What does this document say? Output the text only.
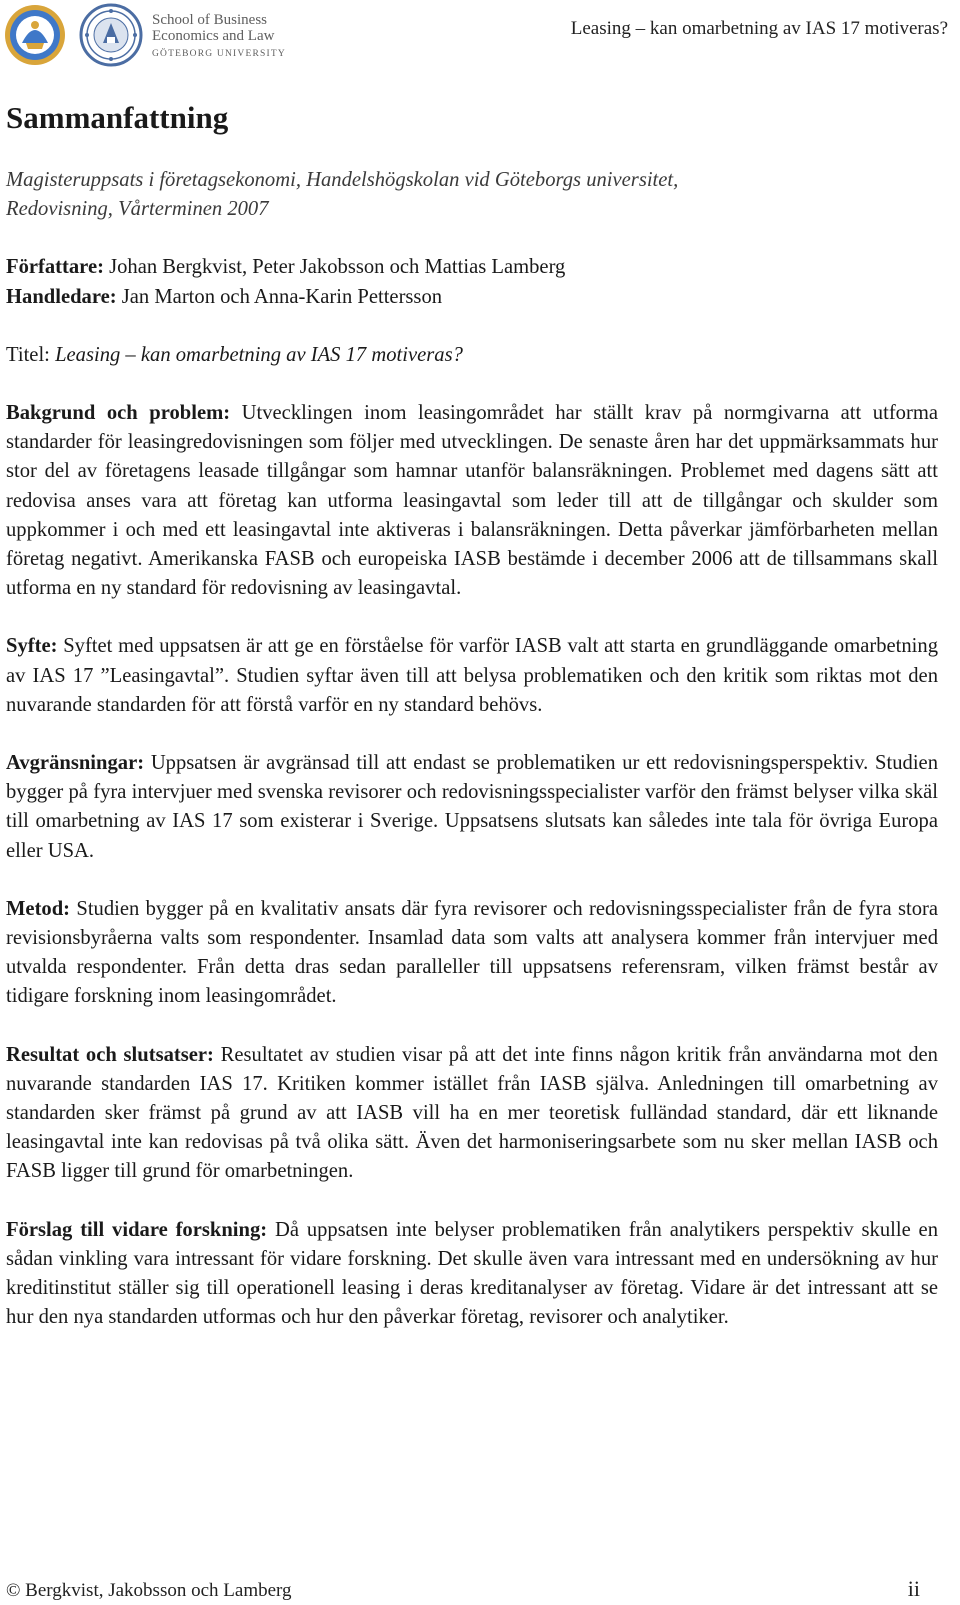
School of Business
Economics and Law
GÖTEBORG UNIVERSITY
Leasing – kan omarbetning av IAS 17 motiveras?
Sammanfattning

Magisteruppsats i företagsekonomi, Handelshögskolan vid Göteborgs universitet,

Redovisning, Vårterminen 2007

Författare: Johan Bergkvist, Peter Jakobsson och Mattias Lamberg

Handledare: Jan Marton och Anna-Karin Pettersson

Titel: Leasing – kan omarbetning av IAS 17 motiveras?

Bakgrund och problem: Utvecklingen inom leasingområdet har ställt krav på normgivarna att utforma standarder för leasingredovisningen som följer med utvecklingen. De senaste åren har det uppmärksammats hur stor del av företagens leasade tillgångar som hamnar utanför balansräkningen. Problemet med dagens sätt att redovisa anses vara att företag kan utforma leasingavtal som leder till att de tillgångar och skulder som uppkommer i och med ett leasingavtal inte aktiveras i balansräkningen. Detta påverkar jämförbarheten mellan företag negativt. Amerikanska FASB och europeiska IASB bestämde i december 2006 att de tillsammans skall utforma en ny standard för redovisning av leasingavtal.

Syfte: Syftet med uppsatsen är att ge en förståelse för varför IASB valt att starta en grundläggande omarbetning av IAS 17 ”Leasingavtal”. Studien syftar även till att belysa problematiken och den kritik som riktas mot den nuvarande standarden för att förstå varför en ny standard behövs.

Avgränsningar: Uppsatsen är avgränsad till att endast se problematiken ur ett redovisningsperspektiv. Studien bygger på fyra intervjuer med svenska revisorer och redovisningsspecialister varför den främst belyser vilka skäl till omarbetning av IAS 17 som existerar i Sverige. Uppsatsens slutsats kan således inte tala för övriga Europa eller USA.

Metod: Studien bygger på en kvalitativ ansats där fyra revisorer och redovisningsspecialister från de fyra stora revisionsbyråerna valts som respondenter. Insamlad data som valts att analysera kommer från intervjuer med utvalda respondenter. Från detta dras sedan paralleller till uppsatsens referensram, vilken främst består av tidigare forskning inom leasingområdet.

Resultat och slutsatser: Resultatet av studien visar på att det inte finns någon kritik från användarna mot den nuvarande standarden IAS 17. Kritiken kommer istället från IASB själva. Anledningen till omarbetning av standarden sker främst på grund av att IASB vill ha en mer teoretisk fulländad standard, där ett liknande leasingavtal inte kan redovisas på två olika sätt. Även det harmoniseringsarbete som nu sker mellan IASB och FASB ligger till grund för omarbetningen.

Förslag till vidare forskning: Då uppsatsen inte belyser problematiken från analytikers perspektiv skulle en sådan vinkling vara intressant för vidare forskning. Det skulle även vara intressant med en undersökning av hur kreditinstitut ställer sig till operationell leasing i deras kreditanalyser av företag. Vidare är det intressant att se hur den nya standarden utformas och hur den påverkar företag, revisorer och analytiker.

© Bergkvist, Jakobsson och Lamberg	ii
